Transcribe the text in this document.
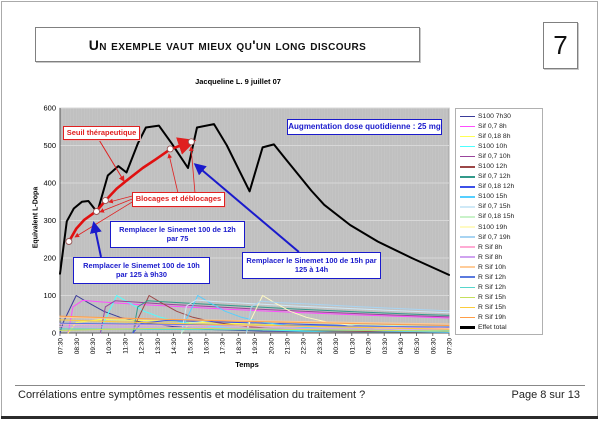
Un exemple vaut mieux qu'un long discours	7
0
100
200
300
400
500
600
07:30 08:30 09:30 10:30 11:30 12:30 13:30 14:30 15:30 16:30 17:30 18:30 19:30 20:30 21:30 22:30 23:30 00:30 01:30 02:30 03:30 04:30 05:30 06:30 07:30
Jacqueline L. 9 juillet 07
Equivalent L-Dopa
Temps
S100 7h30
Sif 0,7 8h
Sif 0,18 8h
S100 10h
Sif 0,7 10h
S100 12h
Sif 0,7 12h
Sif 0,18 12h
S100 15h
Sif 0,7 15h
Sif 0,18 15h
S100 19h
Sif 0,7 19h
R Sif 8h
R Sif 8h
R Sif 10h
R Sif 12h
R Sif 12h
R Sif 15h
R Sif 15h
R Sif 19h
Effet total
Augmentation dose quotidienne : 25 mg
Seuil thérapeutique
Blocages et déblocages
Remplacer le Sinemet 100 de 12h par 75
Remplacer le Sinemet 100 de 10h par 125 à 9h30
Remplacer le Sinemet 100 de 15h par 125 à 14h
Corrélations entre symptômes ressentis et modélisation du traitement ?	Page 8 sur 13
